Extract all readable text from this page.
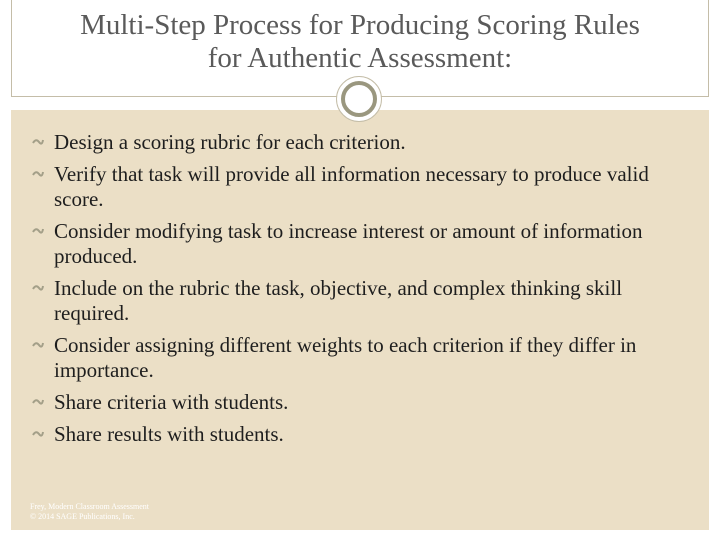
Multi-Step Process for Producing Scoring Rules
for Authentic Assessment:
Design a scoring rubric for each criterion.
Verify that task will provide all information necessary to produce valid score.
Consider modifying task to increase interest or amount of information produced.
Include on the rubric the task, objective, and complex thinking skill required.
Consider assigning different weights to each criterion if they differ in importance.
Share criteria with students.
Share results with students.
Frey, Modern Classroom Assessment
© 2014 SAGE Publications, Inc.
